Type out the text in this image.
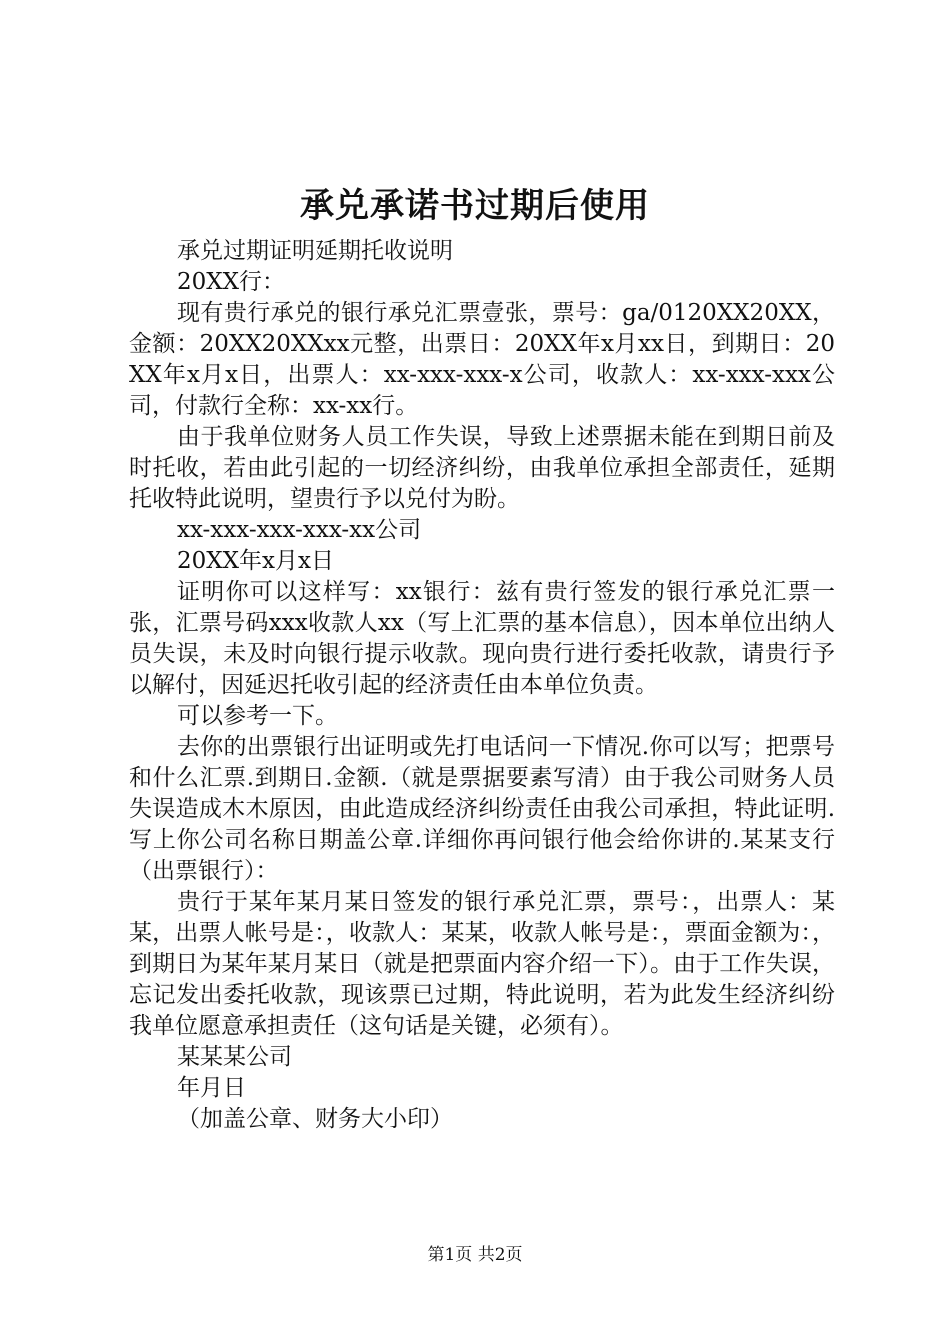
承兑承诺书过期后使用

承兑过期证明延期托收说明

20XX行：

现有贵行承兑的银行承兑汇票壹张，票号：ga/0120XX20XX，金额：20XX20XXxx元整，出票日：20XX年x月xx日，到期日：20XX年x月x日，出票人：xx-xxx-xxx-x公司，收款人：xx-xxx-xxx公司，付款行全称：xx-xx行。

由于我单位财务人员工作失误，导致上述票据未能在到期日前及时托收，若由此引起的一切经济纠纷，由我单位承担全部责任，延期托收特此说明，望贵行予以兑付为盼。

xx-xxx-xxx-xxx-xx公司

20XX年x月x日

证明你可以这样写：xx银行：兹有贵行签发的银行承兑汇票一张，汇票号码xxx收款人xx（写上汇票的基本信息），因本单位出纳人员失误，未及时向银行提示收款。现向贵行进行委托收款，请贵行予以解付，因延迟托收引起的经济责任由本单位负责。

可以参考一下。

去你的出票银行出证明或先打电话问一下情况.你可以写；把票号和什么汇票.到期日.金额.（就是票据要素写清）由于我公司财务人员失误造成木木原因，由此造成经济纠纷责任由我公司承担，特此证明.写上你公司名称日期盖公章.详细你再问银行他会给你讲的.某某支行（出票银行）：

贵行于某年某月某日签发的银行承兑汇票，票号：，出票人：某某，出票人帐号是：，收款人：某某，收款人帐号是：，票面金额为：，到期日为某年某月某日（就是把票面内容介绍一下）。由于工作失误，忘记发出委托收款，现该票已过期，特此说明，若为此发生经济纠纷我单位愿意承担责任（这句话是关键，必须有）。

某某某公司

年月日

（加盖公章、财务大小印）

第1页 共2页
